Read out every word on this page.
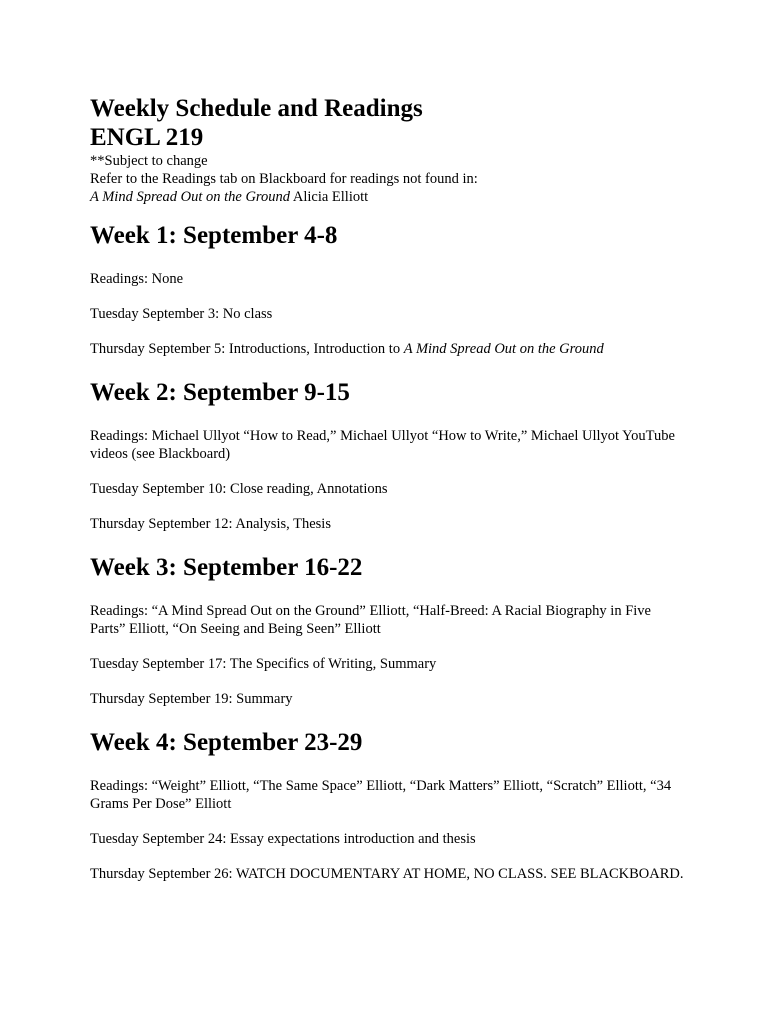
Weekly Schedule and Readings
ENGL 219

**Subject to change

Refer to the Readings tab on Blackboard for readings not found in:

A Mind Spread Out on the Ground Alicia Elliott

Week 1: September 4-8

Readings: None

Tuesday September 3: No class

Thursday September 5: Introductions, Introduction to A Mind Spread Out on the Ground

Week 2: September 9-15

Readings: Michael Ullyot “How to Read,” Michael Ullyot “How to Write,” Michael Ullyot YouTube videos (see Blackboard)

Tuesday September 10: Close reading, Annotations

Thursday September 12: Analysis, Thesis

Week 3: September 16-22

Readings: “A Mind Spread Out on the Ground” Elliott, “Half-Breed: A Racial Biography in Five Parts” Elliott, “On Seeing and Being Seen” Elliott

Tuesday September 17: The Specifics of Writing, Summary

Thursday September 19: Summary

Week 4: September 23-29

Readings: “Weight” Elliott, “The Same Space” Elliott, “Dark Matters” Elliott, “Scratch” Elliott, “34 Grams Per Dose” Elliott

Tuesday September 24: Essay expectations introduction and thesis

Thursday September 26: WATCH DOCUMENTARY AT HOME, NO CLASS. SEE BLACKBOARD.
